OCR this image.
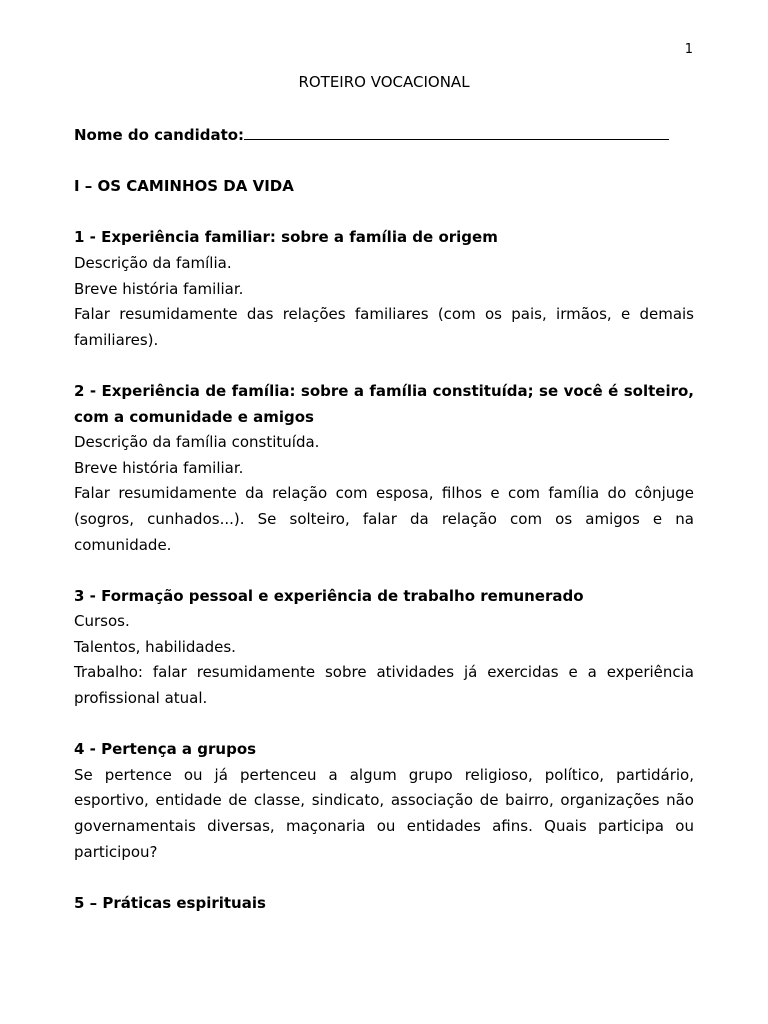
1
ROTEIRO VOCACIONAL
Nome do candidato:
I – OS CAMINHOS DA VIDA
1 - Experiência familiar: sobre a família de origem
Descrição da família.
Breve história familiar.
Falar resumidamente das relações familiares (com os pais, irmãos, e demais familiares).
2 - Experiência de família: sobre a família constituída; se você é solteiro, com a comunidade e amigos
Descrição da família constituída.
Breve história familiar.
Falar resumidamente da relação com esposa, filhos e com família do cônjuge (sogros, cunhados...). Se solteiro, falar da relação com os amigos e na comunidade.
3 - Formação pessoal e experiência de trabalho remunerado
Cursos.
Talentos, habilidades.
Trabalho: falar resumidamente sobre atividades já exercidas e a experiência profissional atual.
4 - Pertença a grupos
Se pertence ou já pertenceu a algum grupo religioso, político, partidário, esportivo, entidade de classe, sindicato, associação de bairro, organizações não governamentais diversas, maçonaria ou entidades afins. Quais participa ou participou?
5 – Práticas espirituais
